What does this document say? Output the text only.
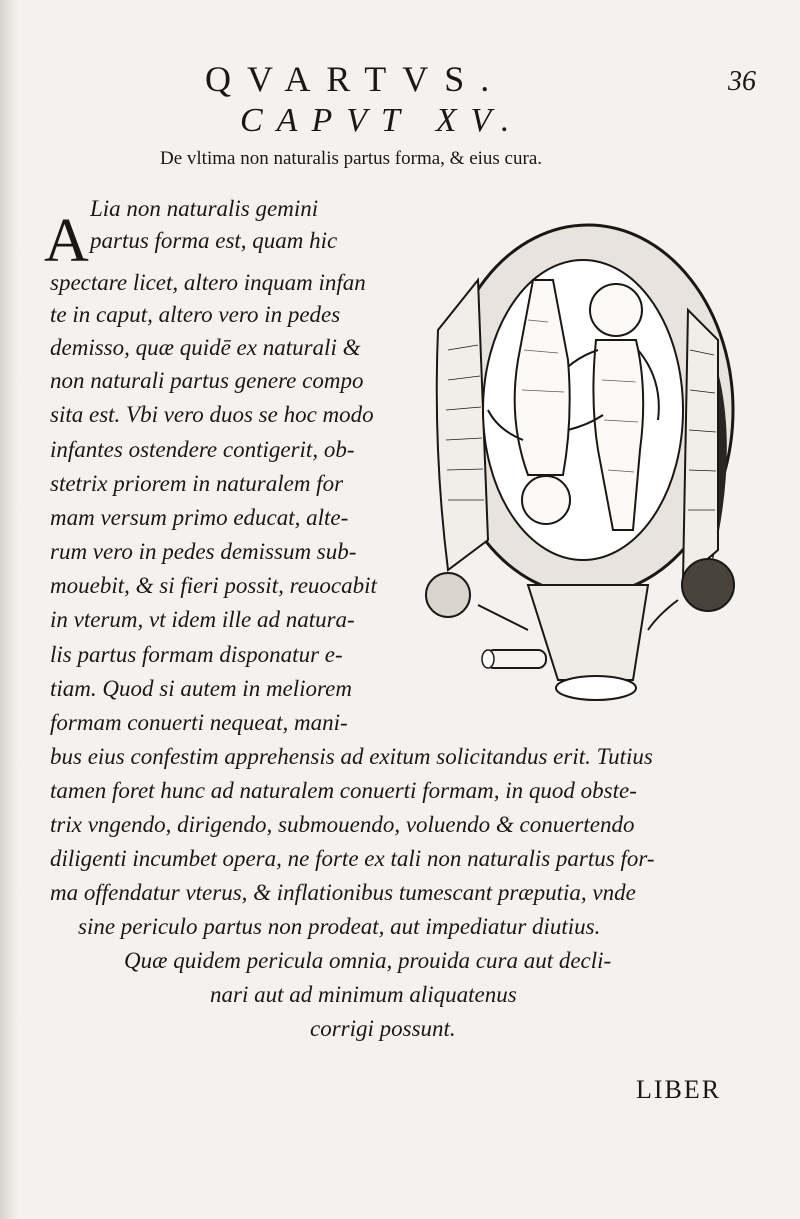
QVARTVS.	36
CAPVT XV.
De vltima non naturalis partus forma, & eius cura.
A Lia non naturalis gemini
partus forma est, quam hic
spectare licet, altero inquam infan
te in caput, altero vero in pedes
demisso, quæ quidē ex naturali &
non naturali partus genere compo
sita est. Vbi vero duos se hoc modo
infantes ostendere contigerit, ob-
stetrix priorem in naturalem for
mam versum primo educat, alte-
rum vero in pedes demissum sub-
mouebit, & si fieri possit, reuocabit
in vterum, vt idem ille ad natura-
lis partus formam disponatur e-
tiam. Quod si autem in meliorem
formam conuerti nequeat, mani-
bus eius confestim apprehensis ad exitum solicitandus erit. Tutius
tamen foret hunc ad naturalem conuerti formam, in quod obste-
trix vngendo, dirigendo, submouendo, voluendo & conuertendo
diligenti incumbet opera, ne forte ex tali non naturalis partus for-
ma offendatur vterus, & inflationibus tumescant præputia, vnde
sine periculo partus non prodeat, aut impediatur diutius.
Quæ quidem pericula omnia, prouida cura aut decli-
nari aut ad minimum aliquatenus
corrigi possunt.
LIBER
